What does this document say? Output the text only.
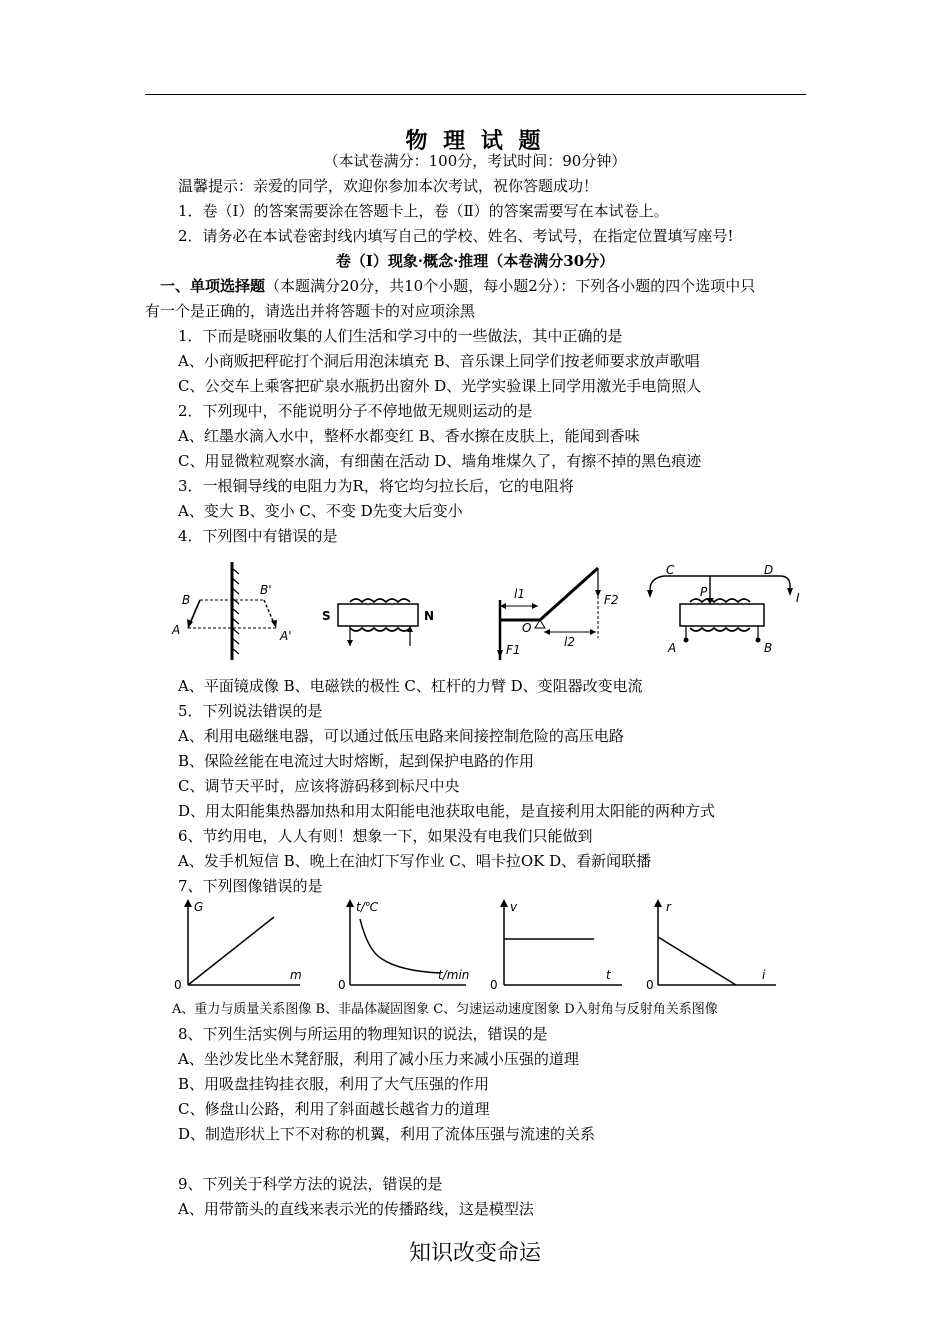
物 理 试 题
（本试卷满分：100分，考试时间：90分钟）
温馨提示：亲爱的同学，欢迎你参加本次考试，祝你答题成功！
1．卷（I）的答案需要涂在答题卡上，卷（Ⅱ）的答案需要写在本试卷上。
2．请务必在本试卷密封线内填写自己的学校、姓名、考试号，在指定位置填写座号!
卷（I）现象·概念·推理（本卷满分30分）
一、单项选择题（本题满分20分，共10个小题，每小题2分）：下列各小题的四个选项中只
有一个是正确的，请选出并将答题卡的对应项涂黑
1．下而是晓丽收集的人们生活和学习中的一些做法，其中正确的是
A、小商贩把秤砣打个洞后用泡沫填充 B、音乐课上同学们按老师要求放声歌唱
C、公交车上乘客把矿泉水瓶扔出窗外 D、光学实验课上同学用激光手电筒照人
2．下列现中，不能说明分子不停地做无规则运动的是
A、红墨水滴入水中，整杯水都变红 B、香水擦在皮肤上，能闻到香味
C、用显微粒观察水滴，有细菌在活动 D、墙角堆煤久了，有擦不掉的黑色痕迹
3．一根铜导线的电阻力为R，将它均匀拉长后，它的电阻将
A、变大 B、变小 C、不变 D先变大后变小
4．下列图中有错误的是
B
B'
A	A'
S	N
l1	F2
O
l2
F1
C	D
P	I
A	B
A、平面镜成像 B、电磁铁的极性 C、杠杆的力臂 D、变阻器改变电流
5．下列说法错误的是
A、利用电磁继电器，可以通过低压电路来间接控制危险的高压电路
B、保险丝能在电流过大时熔断，起到保护电路的作用
C、调节天平时，应该将游码移到标尺中央
D、用太阳能集热器加热和用太阳能电池获取电能，是直接利用太阳能的两种方式
6、节约用电，人人有则！想象一下，如果没有电我们只能做到
A、发手机短信 B、晚上在油灯下写作业 C、唱卡拉OK D、看新闻联播
7、下列图像错误的是
G
m
0
t/℃
t/min
0
v
t
0
r
i
0
A、重力与质量关系图像 B、非晶体凝固图象 C、匀速运动速度图象 D入射角与反射角关系图像
8、下列生活实例与所运用的物理知识的说法，错误的是
A、坐沙发比坐木凳舒服，利用了减小压力来减小压强的道理
B、用吸盘挂钩挂衣服，利用了大气压强的作用
C、修盘山公路，利用了斜面越长越省力的道理
D、制造形状上下不对称的机翼，利用了流体压强与流速的关系
9、下列关于科学方法的说法，错误的是
A、用带箭头的直线来表示光的传播路线，这是模型法
知识改变命运
